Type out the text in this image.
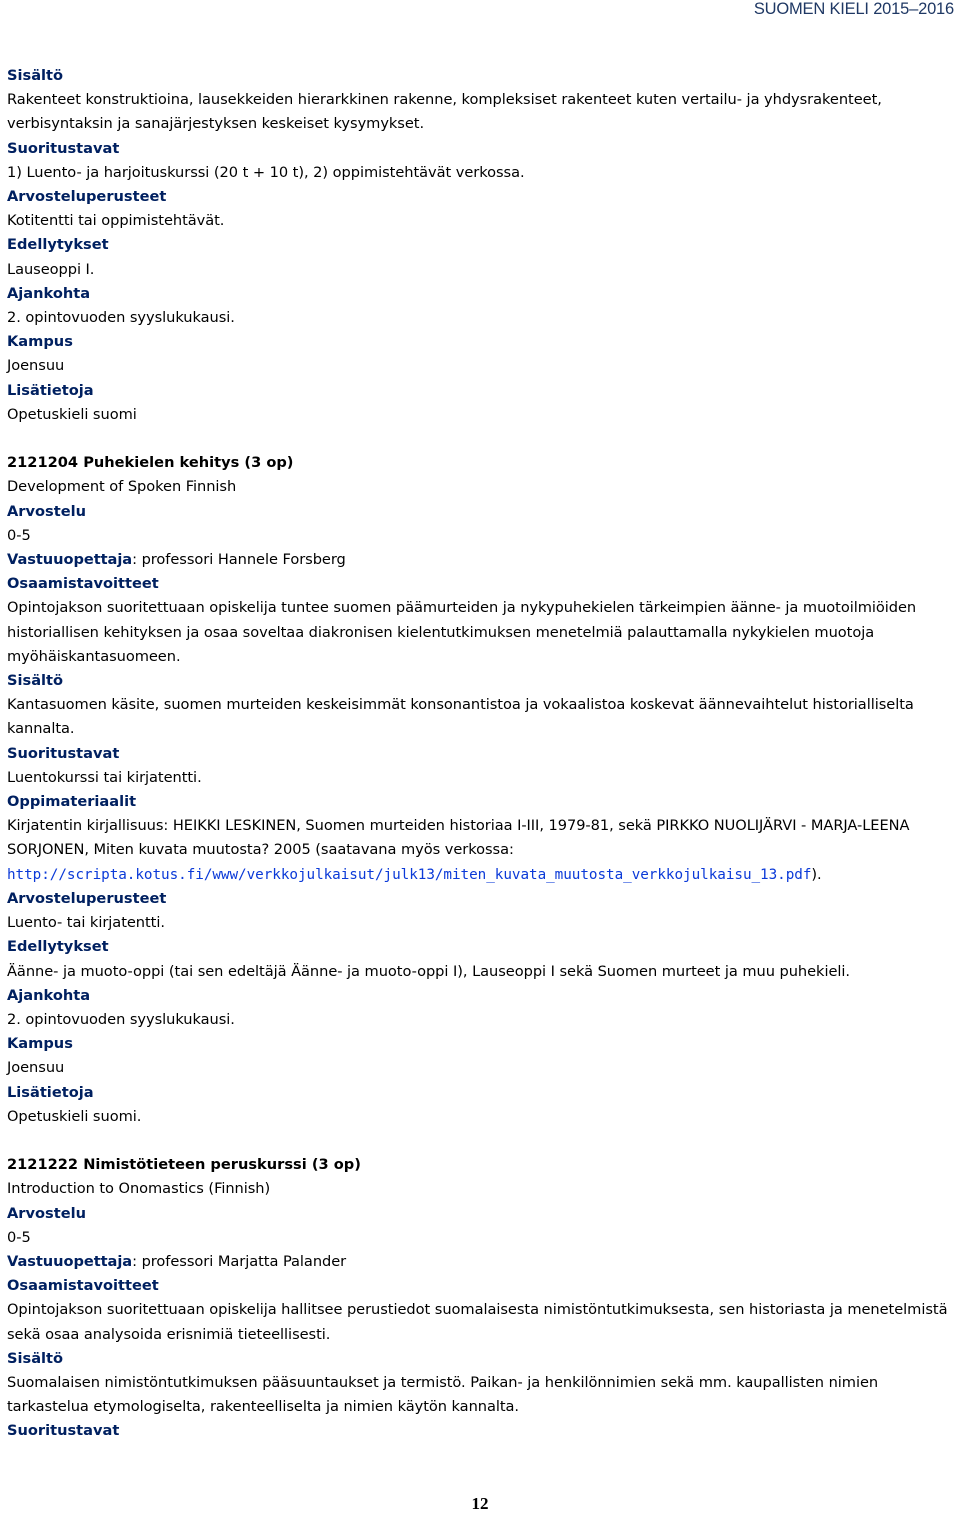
SUOMEN KIELI 2015–2016

Sisältö

Rakenteet konstruktioina, lausekkeiden hierarkkinen rakenne, kompleksiset rakenteet kuten vertailu- ja yhdysrakenteet, verbisyntaksin ja sanajärjestyksen keskeiset kysymykset.

Suoritustavat

1) Luento- ja harjoituskurssi (20 t + 10 t), 2) oppimistehtävät verkossa.

Arvosteluperusteet

Kotitentti tai oppimistehtävät.

Edellytykset

Lauseoppi I.

Ajankohta

2. opintovuoden syyslukukausi.

Kampus

Joensuu

Lisätietoja

Opetuskieli suomi

2121204 Puhekielen kehitys (3 op)

Development of Spoken Finnish

Arvostelu

0-5

Vastuuopettaja: professori Hannele Forsberg

Osaamistavoitteet

Opintojakson suoritettuaan opiskelija tuntee suomen päämurteiden ja nykypuhekielen tärkeimpien äänne- ja muotoilmiöiden historiallisen kehityksen ja osaa soveltaa diakronisen kielentutkimuksen menetelmiä palauttamalla nykykielen muotoja myöhäiskantasuomeen.

Sisältö

Kantasuomen käsite, suomen murteiden keskeisimmät konsonantistoa ja vokaalistoa koskevat äännevaihtelut historialliselta kannalta.

Suoritustavat

Luentokurssi tai kirjatentti.

Oppimateriaalit

Kirjatentin kirjallisuus: HEIKKI LESKINEN, Suomen murteiden historiaa I-III, 1979-81, sekä PIRKKO NUOLIJÄRVI - MARJA-LEENA SORJONEN, Miten kuvata muutosta? 2005 (saatavana myös verkossa: http://scripta.kotus.fi/www/verkkojulkaisut/julk13/miten_kuvata_muutosta_verkkojulkaisu_13.pdf).

Arvosteluperusteet

Luento- tai kirjatentti.

Edellytykset

Äänne- ja muoto-oppi (tai sen edeltäjä Äänne- ja muoto-oppi I), Lauseoppi I sekä Suomen murteet ja muu puhekieli.

Ajankohta

2. opintovuoden syyslukukausi.

Kampus

Joensuu

Lisätietoja

Opetuskieli suomi.

2121222 Nimistötieteen peruskurssi (3 op)

Introduction to Onomastics (Finnish)

Arvostelu

0-5

Vastuuopettaja: professori Marjatta Palander

Osaamistavoitteet

Opintojakson suoritettuaan opiskelija hallitsee perustiedot suomalaisesta nimistöntutkimuksesta, sen historiasta ja menetelmistä sekä osaa analysoida erisnimiä tieteellisesti.

Sisältö

Suomalaisen nimistöntutkimuksen pääsuuntaukset ja termistö. Paikan- ja henkilönnimien sekä mm. kaupallisten nimien tarkastelua etymologiselta, rakenteelliselta ja nimien käytön kannalta.

Suoritustavat

12
